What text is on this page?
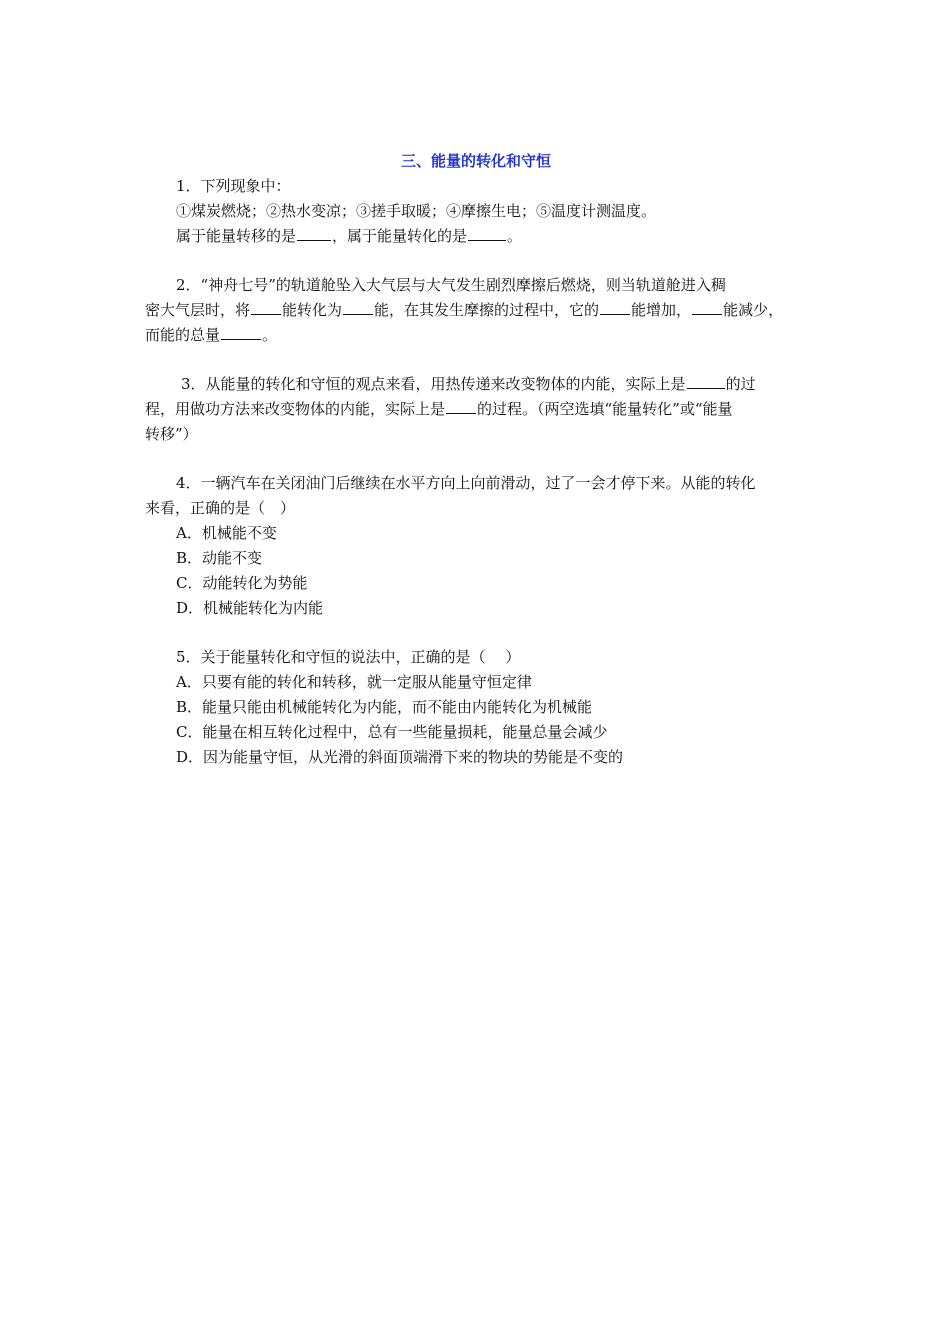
三、能量的转化和守恒

1．下列现象中：

①煤炭燃烧；②热水变凉；③搓手取暖；④摩擦生电；⑤温度计测温度。

属于能量转移的是 ，属于能量转化的是	。

2．“神舟七号”的轨道舱坠入大气层与大气发生剧烈摩擦后燃烧，则当轨道舱进入稠

密大气层时，将 能转化为 能，在其发生摩擦的过程中，它的 能增加， 能减少，

而能的总量	。

3．从能量的转化和守恒的观点来看，用热传递来改变物体的内能，实际上是	的过

程，用做功方法来改变物体的内能，实际上是 的过程。（两空选填“能量转化”或“能量

转移”）

4．一辆汽车在关闭油门后继续在水平方向上向前滑动，过了一会才停下来。从能的转化

来看，正确的是（　）

A．机械能不变

B．动能不变

C．动能转化为势能

D．机械能转化为内能

5．关于能量转化和守恒的说法中，正确的是（　 ）

A．只要有能的转化和转移，就一定服从能量守恒定律

B．能量只能由机械能转化为内能，而不能由内能转化为机械能

C．能量在相互转化过程中，总有一些能量损耗，能量总量会减少

D．因为能量守恒，从光滑的斜面顶端滑下来的物块的势能是不变的
